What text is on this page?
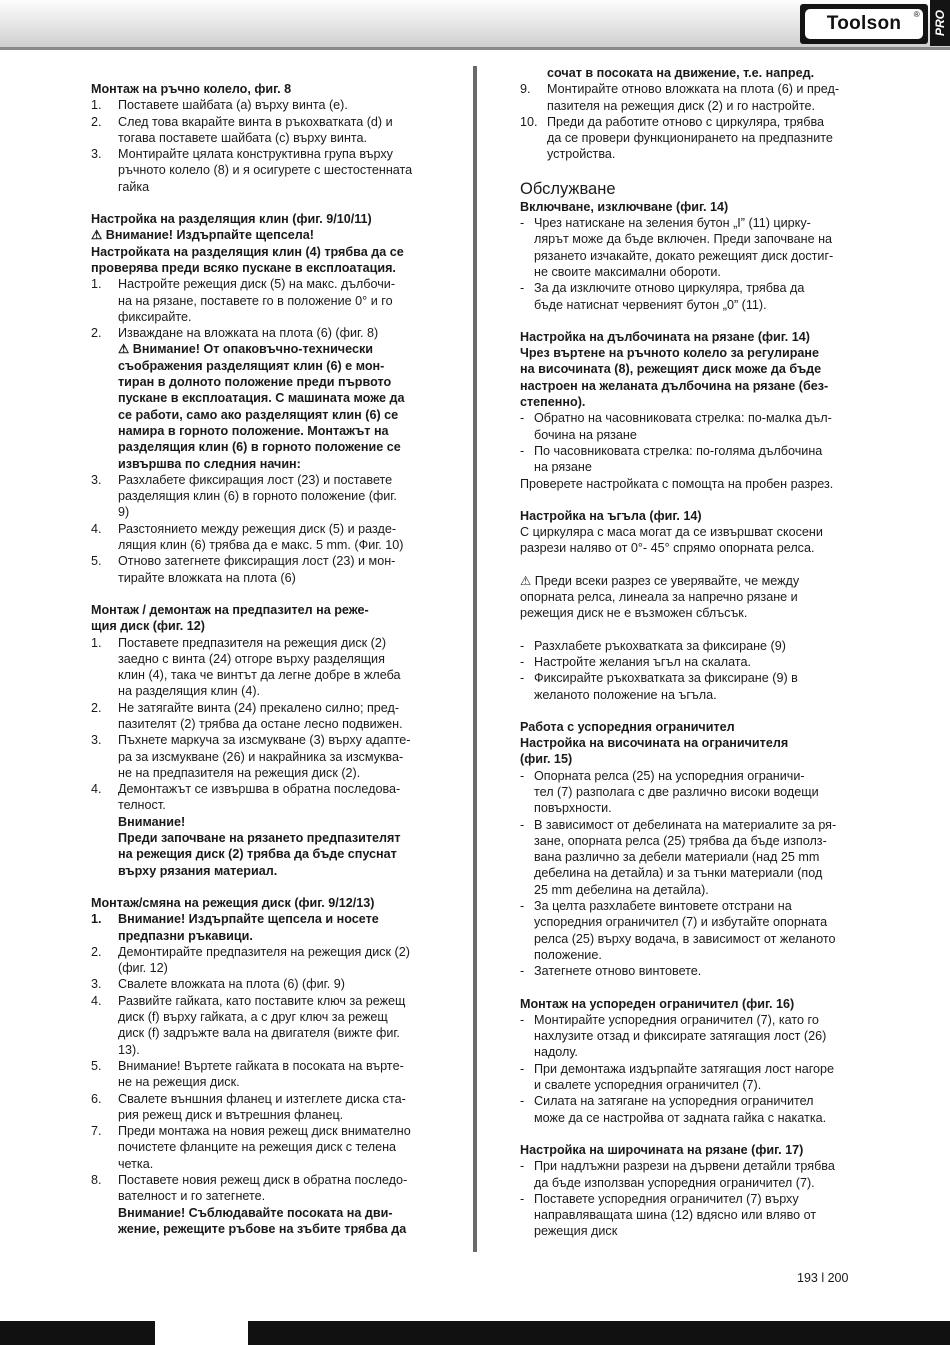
Toolson ® PRO
Монтаж на ръчно колело, фиг. 8
1. Поставете шайбата (а) върху винта (е).
2. След това вкарайте винта в ръкохватката (d) и
тогава поставете шайбата (с) върху винта.
3. Монтирайте цялата конструктивна група върху
ръчното колело (8) и я осигурете с шестостенната
гайка
Настройка на разделящия клин (фиг. 9/10/11)
⚠ Внимание! Издърпайте щепсела!
Настройката на разделящия клин (4) трябва да се
проверява преди всяко пускане в експлоатация.
1. Настройте режещия диск (5) на макс. дълбочи-
на на рязане, поставете го в положение 0° и го
фиксирайте.
2. Изваждане на вложката на плота (6) (фиг. 8)
⚠ Внимание! От опаковъчно-технически
съображения разделящият клин (6) е мон-
тиран в долното положение преди първото
пускане в експлоатация. С машината може да
се работи, само ако разделящият клин (6) се
намира в горното положение. Монтажът на
разделящия клин (6) в горното положение се
извършва по следния начин:
3. Разхлабете фиксиращия лост (23) и поставете
разделящия клин (6) в горното положение (фиг.
9)
4. Разстоянието между режещия диск (5) и разде-
лящия клин (6) трябва да е макс. 5 mm. (Фиг. 10)
5. Отново затегнете фиксиращия лост (23) и мон-
тирайте вложката на плота (6)
Монтаж / демонтаж на предпазител на реже-
щия диск (фиг. 12)
1. Поставете предпазителя на режещия диск (2)
заедно с винта (24) отгоре върху разделящия
клин (4), така че винтът да легне добре в жлеба
на разделящия клин (4).
2. Не затягайте винта (24) прекалено силно; пред-
пазителят (2) трябва да остане лесно подвижен.
3. Пъхнете маркуча за изсмукване (3) върху адапте-
ра за изсмукване (26) и накрайника за изсмуква-
не на предпазителя на режещия диск (2).
4. Демонтажът се извършва в обратна последова-
телност.
Внимание!
Преди започване на рязането предпазителят
на режещия диск (2) трябва да бъде спуснат
върху рязания материал.
Монтаж/смяна на режещия диск (фиг. 9/12/13)
1. Внимание! Издърпайте щепсела и носете
предпазни ръкавици.
2. Демонтирайте предпазителя на режещия диск (2)
(фиг. 12)
3. Свалете вложката на плота (6) (фиг. 9)
4. Развийте гайката, като поставите ключ за режещ
диск (f) върху гайката, а с друг ключ за режещ
диск (f) задръжте вала на двигателя (вижте фиг.
13).
5. Внимание! Въртете гайката в посоката на въртe-
не на режещия диск.
6. Свалете външния фланец и изтеглете диска ста-
рия режещ диск и вътрешния фланец.
7. Преди монтажа на новия режещ диск внимателно
почистете фланците на режещия диск с телена
четка.
8. Поставете новия режещ диск в обратна последо-
вателност и го затегнете.
Внимание! Съблюдавайте посоката на дви-
жение, режещите ръбове на зъбите трябва да
сочат в посоката на движение, т.е. напред.
9. Монтирайте отново вложката на плота (6) и пред-
пазителя на режещия диск (2) и го настройте.
10. Преди да работите отново с циркуляра, трябва
да се провери функционирането на предпазните
устройства.
Обслужване
Включване, изключване (фиг. 14)
- Чрез натискане на зеления бутон „I” (11) цирку-
лярът може да бъде включен. Преди започване на
рязането изчакайте, докато режещият диск достиг-
не своите максимални обороти.
- За да изключите отново циркуляра, трябва да
бъде натиснат червеният бутон „0” (11).
Настройка на дълбочината на рязане (фиг. 14)
Чрез въртене на ръчното колело за регулиране
на височината (8), режещият диск може да бъде
настроен на желаната дълбочина на рязане (без-
степенно).
- Обратно на часовниковата стрелка: по-малка дъл-
бочина на рязане
- По часовниковата стрелка: по-голяма дълбочина
на рязане
Проверете настройката с помощта на пробен разрез.
Настройка на ъгъла (фиг. 14)
С циркуляра с маса могат да се извършват скосени
разрези наляво от 0°- 45° спрямо опорната релса.
⚠ Преди всеки разрез се уверявайте, че между
опорната релса, линеала за напречно рязане и
режещия диск не е възможен сблъсък.
- Разхлабете ръкохватката за фиксиране (9)
- Настройте желания ъгъл на скалата.
- Фиксирайте ръкохватката за фиксиране (9) в
желаното положение на ъгъла.
Работа с успоредния ограничител
Настройка на височината на ограничителя
(фиг. 15)
- Опорната релса (25) на успоредния ограничи-
тел (7) разполага с две различно високи водещи
повърхности.
- В зависимост от дебелината на материалите за ря-
зане, опорната релса (25) трябва да бъде използ-
вана различно за дебели материали (над 25 mm
дебелина на детайла) и за тънки материали (под
25 mm дебелина на детайла).
- За целта разхлабете винтовете отстрани на
успоредния ограничител (7) и избутайте опорната
релса (25) върху водача, в зависимост от желаното
положение.
- Затегнете отново винтовете.
Монтаж на успореден ограничител (фиг. 16)
- Монтирайте успоредния ограничител (7), като го
нахлузите отзад и фиксирате затягащия лост (26)
надолу.
- При демонтажа издърпайте затягащия лост нагоре
и свалете успоредния ограничител (7).
- Силата на затягане на успоредния ограничител
може да се настройва от задната гайка с накатка.
Настройка на широчината на рязане (фиг. 17)
- При надлъжни разрези на дървени детайли трябва
да бъде използван успоредния ограничител (7).
- Поставете успоредния ограничител (7) върху
направляващата шина (12) вдясно или вляво от
режещия диск
193 l 200
